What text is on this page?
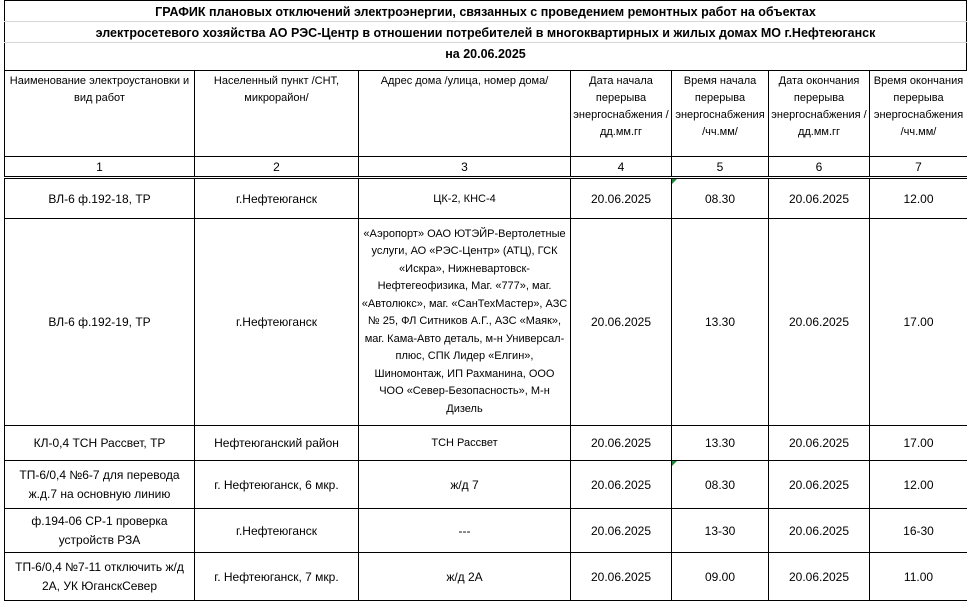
ГРАФИК плановых отключений электроэнергии, связанных с проведением ремонтных работ на объектах
электросетевого хозяйства АО РЭС-Центр в отношении потребителей в многоквартирных и жилых домах МО г.Нефтеюганск
на 20.06.2025
Наименование электроустановки и вид работ	Населенный пункт /СНТ, микрорайон/	Адрес дома /улица, номер дома/	Дата начала перерыва энергоснабжения /дд.мм.гг	Время начала перерыва энергоснабжения /чч.мм/	Дата окончания перерыва энергоснабжения /дд.мм.гг	Время окончания перерыва энергоснабжения /чч.мм/
1	2	3	4	5	6	7
ВЛ-6 ф.192-18, ТР	г.Нефтеюганск	ЦК-2, КНС-4	20.06.2025	08.30	20.06.2025	12.00
ВЛ-6 ф.192-19, ТР	г.Нефтеюганск	«Аэропорт» ОАО ЮТЭЙР-Вертолетные услуги, АО «РЭС-Центр» (АТЦ), ГСК «Искра», Нижневартовск-Нефтегеофизика, Маг. «777», маг. «Автолюкс», маг. «СанТехМастер», АЗС № 25, ФЛ Ситников А.Г., АЗС «Маяк», маг. Кама-Авто деталь, м-н Универсал-плюс, СПК Лидер «Елгин», Шиномонтаж, ИП Рахманина, ООО ЧОО «Север-Безопасность», М-н Дизель	20.06.2025	13.30	20.06.2025	17.00
КЛ-0,4 ТСН Рассвет, ТР	Нефтеюганский район	ТСН Рассвет	20.06.2025	13.30	20.06.2025	17.00
ТП-6/0,4 №6-7 для перевода ж.д.7 на основную линию	г. Нефтеюганск, 6 мкр.	ж/д 7	20.06.2025	08.30	20.06.2025	12.00
ф.194-06 СР-1 проверка устройств РЗА	г.Нефтеюганск	---	20.06.2025	13-30	20.06.2025	16-30
ТП-6/0,4 №7-11 отключить ж/д 2А, УК ЮганскСевер	г. Нефтеюганск, 7 мкр.	ж/д 2А	20.06.2025	09.00	20.06.2025	11.00
